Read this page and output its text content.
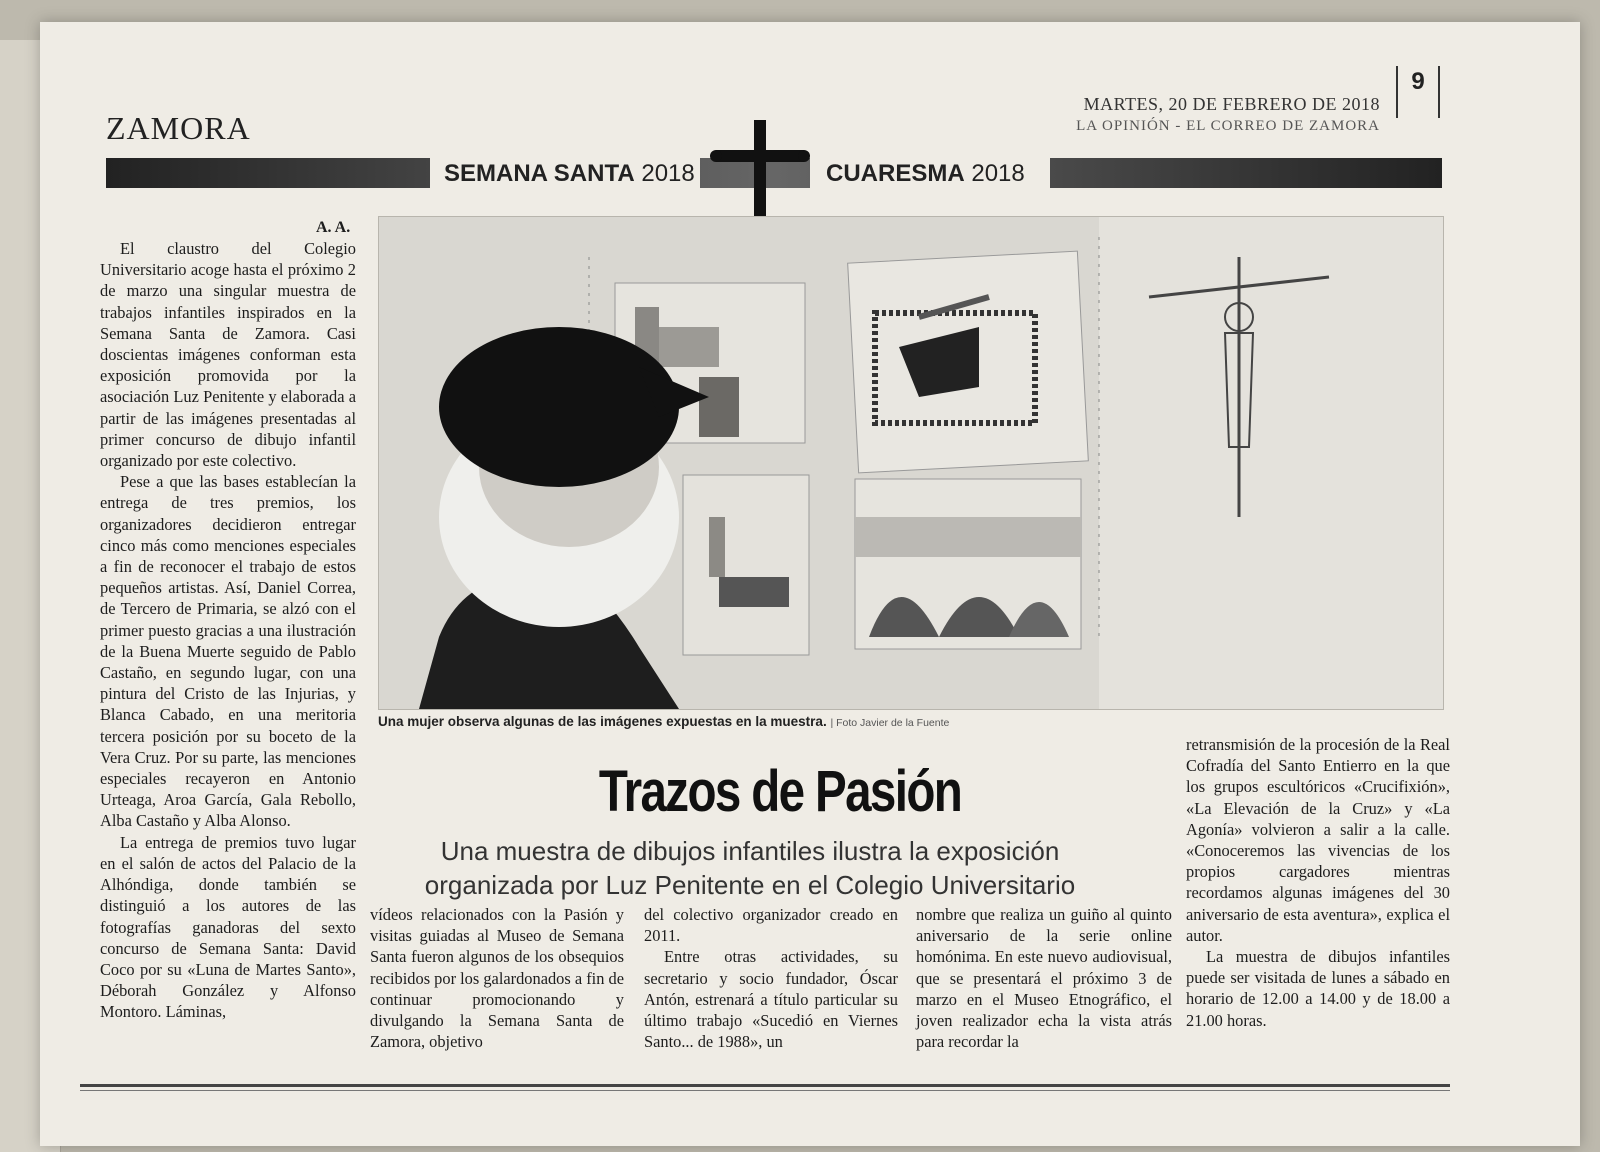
ZAMORA
MARTES, 20 DE FEBRERO DE 2018
LA OPINIÓN - EL CORREO DE ZAMORA
9
SEMANA SANTA 2018	CUARESMA 2018
A. A.

El claustro del Colegio Universitario acoge hasta el próximo 2 de marzo una singular muestra de trabajos infantiles inspirados en la Semana Santa de Zamora. Casi doscientas imágenes conforman esta exposición promovida por la asociación Luz Penitente y elaborada a partir de las imágenes presentadas al primer concurso de dibujo infantil organizado por este colectivo.

Pese a que las bases establecían la entrega de tres premios, los organizadores decidieron entregar cinco más como menciones especiales a fin de reconocer el trabajo de estos pequeños artistas. Así, Daniel Correa, de Tercero de Primaria, se alzó con el primer puesto gracias a una ilustración de la Buena Muerte seguido de Pablo Castaño, en segundo lugar, con una pintura del Cristo de las Injurias, y Blanca Cabado, en una meritoria tercera posición por su boceto de la Vera Cruz. Por su parte, las menciones especiales recayeron en Antonio Urteaga, Aroa García, Gala Rebollo, Alba Castaño y Alba Alonso.

La entrega de premios tuvo lugar en el salón de actos del Palacio de la Alhóndiga, donde también se distinguió a los autores de las fotografías ganadoras del sexto concurso de Semana Santa: David Coco por su «Luna de Martes Santo», Déborah González y Alfonso Montoro. Láminas,

Una mujer observa algunas de las imágenes expuestas en la muestra. | Foto Javier de la Fuente
Trazos de Pasión
Una muestra de dibujos infantiles ilustra la exposición
organizada por Luz Penitente en el Colegio Universitario

vídeos relacionados con la Pasión y visitas guiadas al Museo de Semana Santa fueron algunos de los obsequios recibidos por los galardonados a fin de continuar promocionando y divulgando la Semana Santa de Zamora, objetivo

del colectivo organizador creado en 2011.

Entre otras actividades, su secretario y socio fundador, Óscar Antón, estrenará a título particular su último trabajo «Sucedió en Viernes Santo... de 1988», un

nombre que realiza un guiño al quinto aniversario de la serie online homónima. En este nuevo audiovisual, que se presentará el próximo 3 de marzo en el Museo Etnográfico, el joven realizador echa la vista atrás para recordar la

retransmisión de la procesión de la Real Cofradía del Santo Entierro en la que los grupos escultóricos «Crucifixión», «La Elevación de la Cruz» y «La Agonía» volvieron a salir a la calle. «Conoceremos las vivencias de los propios cargadores mientras recordamos algunas imágenes del 30 aniversario de esta aventura», explica el autor.

La muestra de dibujos infantiles puede ser visitada de lunes a sábado en horario de 12.00 a 14.00 y de 18.00 a 21.00 horas.
